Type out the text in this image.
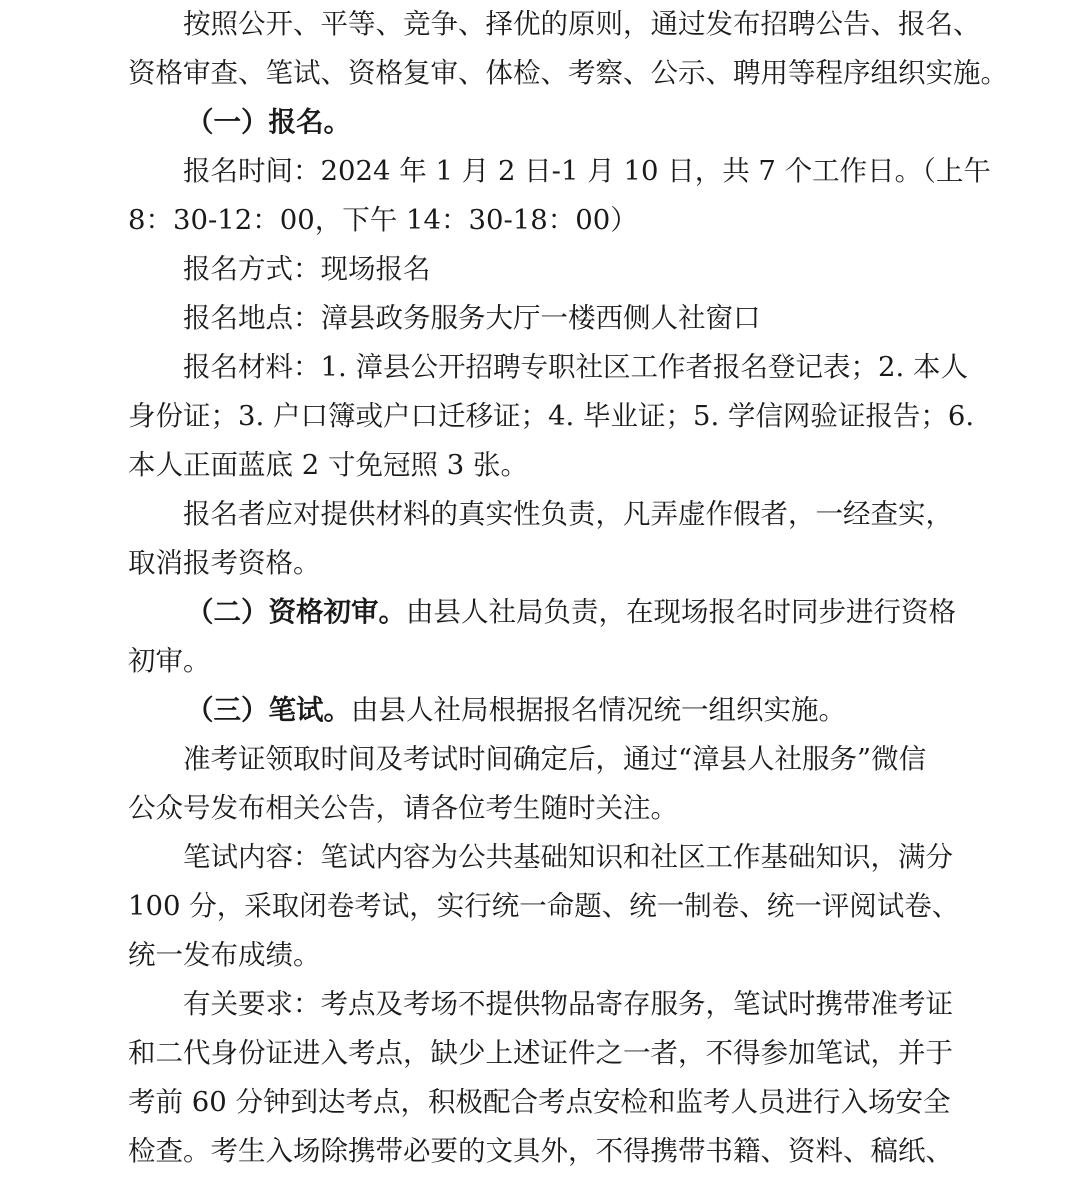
按照公开、平等、竞争、择优的原则，通过发布招聘公告、报名、
资格审查、笔试、资格复审、体检、考察、公示、聘用等程序组织实施。
（一）报名。
报名时间：2024 年 1 月 2 日-1 月 10 日，共 7 个工作日。（上午
8：30-12：00，下午 14：30-18：00）
报名方式：现场报名
报名地点：漳县政务服务大厅一楼西侧人社窗口
报名材料：1. 漳县公开招聘专职社区工作者报名登记表；2. 本人
身份证；3. 户口簿或户口迁移证；4. 毕业证；5. 学信网验证报告；6.
本人正面蓝底 2 寸免冠照 3 张。
报名者应对提供材料的真实性负责，凡弄虚作假者，一经查实，
取消报考资格。
（二）资格初审。由县人社局负责，在现场报名时同步进行资格
初审。
（三）笔试。由县人社局根据报名情况统一组织实施。
准考证领取时间及考试时间确定后，通过“漳县人社服务”微信
公众号发布相关公告，请各位考生随时关注。
笔试内容：笔试内容为公共基础知识和社区工作基础知识，满分
100 分，采取闭卷考试，实行统一命题、统一制卷、统一评阅试卷、
统一发布成绩。
有关要求：考点及考场不提供物品寄存服务，笔试时携带准考证
和二代身份证进入考点，缺少上述证件之一者，不得参加笔试，并于
考前 60 分钟到达考点，积极配合考点安检和监考人员进行入场安全
检查。考生入场除携带必要的文具外，不得携带书籍、资料、稿纸、
